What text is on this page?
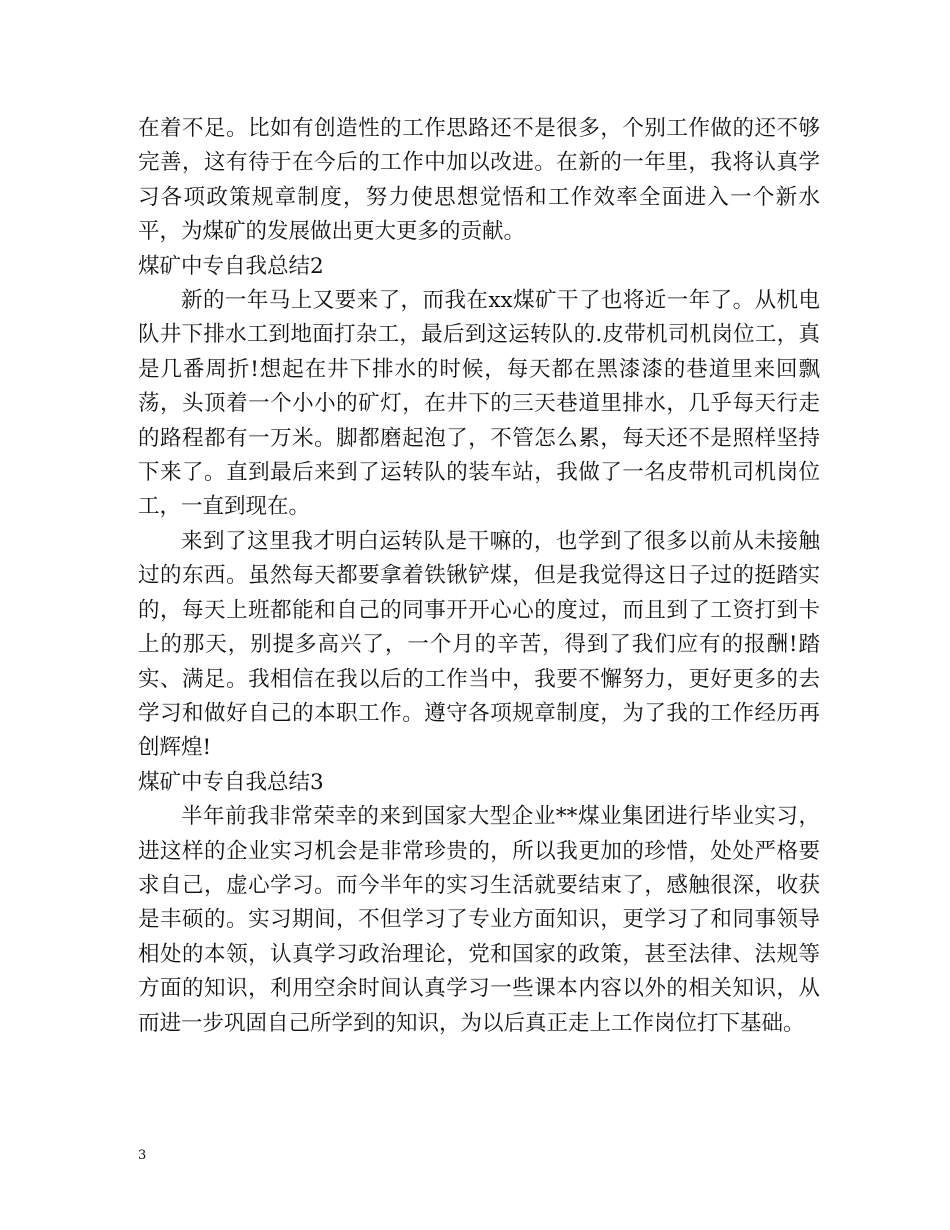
在着不足。比如有创造性的工作思路还不是很多，个别工作做的还不够完善，这有待于在今后的工作中加以改进。在新的一年里，我将认真学习各项政策规章制度，努力使思想觉悟和工作效率全面进入一个新水平，为煤矿的发展做出更大更多的贡献。

煤矿中专自我总结2

新的一年马上又要来了，而我在xx煤矿干了也将近一年了。从机电队井下排水工到地面打杂工，最后到这运转队的.皮带机司机岗位工，真是几番周折!想起在井下排水的时候，每天都在黑漆漆的巷道里来回飘荡，头顶着一个小小的矿灯，在井下的三天巷道里排水，几乎每天行走的路程都有一万米。脚都磨起泡了，不管怎么累，每天还不是照样坚持下来了。直到最后来到了运转队的装车站，我做了一名皮带机司机岗位工，一直到现在。

来到了这里我才明白运转队是干嘛的，也学到了很多以前从未接触过的东西。虽然每天都要拿着铁锹铲煤，但是我觉得这日子过的挺踏实的，每天上班都能和自己的同事开开心心的度过，而且到了工资打到卡上的那天，别提多高兴了，一个月的辛苦，得到了我们应有的报酬!踏实、满足。我相信在我以后的工作当中，我要不懈努力，更好更多的去学习和做好自己的本职工作。遵守各项规章制度，为了我的工作经历再创辉煌!

煤矿中专自我总结3

半年前我非常荣幸的来到国家大型企业**煤业集团进行毕业实习，进这样的企业实习机会是非常珍贵的，所以我更加的珍惜，处处严格要求自己，虚心学习。而今半年的实习生活就要结束了，感触很深，收获是丰硕的。实习期间，不但学习了专业方面知识，更学习了和同事领导相处的本领，认真学习政治理论，党和国家的政策，甚至法律、法规等方面的知识，利用空余时间认真学习一些课本内容以外的相关知识，从而进一步巩固自己所学到的知识，为以后真正走上工作岗位打下基础。

3
